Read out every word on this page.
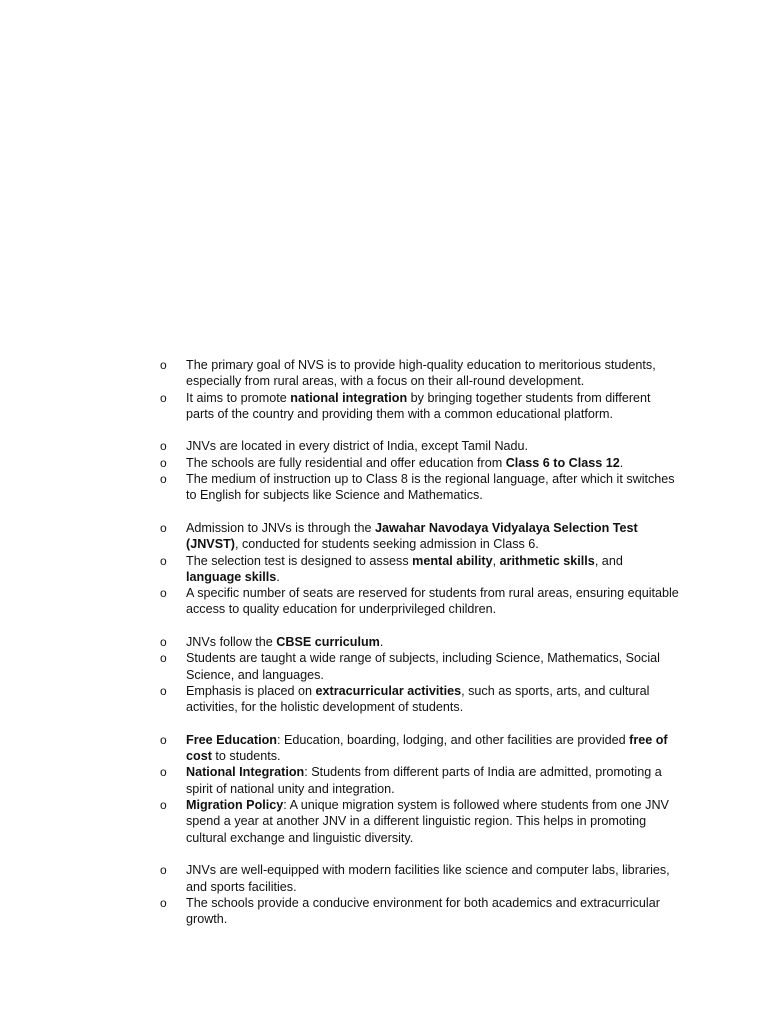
o The primary goal of NVS is to provide high-quality education to meritorious students, especially from rural areas, with a focus on their all-round development.
o It aims to promote national integration by bringing together students from different parts of the country and providing them with a common educational platform.
o JNVs are located in every district of India, except Tamil Nadu.
o The schools are fully residential and offer education from Class 6 to Class 12.
o The medium of instruction up to Class 8 is the regional language, after which it switches to English for subjects like Science and Mathematics.
o Admission to JNVs is through the Jawahar Navodaya Vidyalaya Selection Test (JNVST), conducted for students seeking admission in Class 6.
o The selection test is designed to assess mental ability, arithmetic skills, and language skills.
o A specific number of seats are reserved for students from rural areas, ensuring equitable access to quality education for underprivileged children.
o JNVs follow the CBSE curriculum.
o Students are taught a wide range of subjects, including Science, Mathematics, Social Science, and languages.
o Emphasis is placed on extracurricular activities, such as sports, arts, and cultural activities, for the holistic development of students.
o Free Education: Education, boarding, lodging, and other facilities are provided free of cost to students.
o National Integration: Students from different parts of India are admitted, promoting a spirit of national unity and integration.
o Migration Policy: A unique migration system is followed where students from one JNV spend a year at another JNV in a different linguistic region. This helps in promoting cultural exchange and linguistic diversity.
o JNVs are well-equipped with modern facilities like science and computer labs, libraries, and sports facilities.
o The schools provide a conducive environment for both academics and extracurricular growth.
